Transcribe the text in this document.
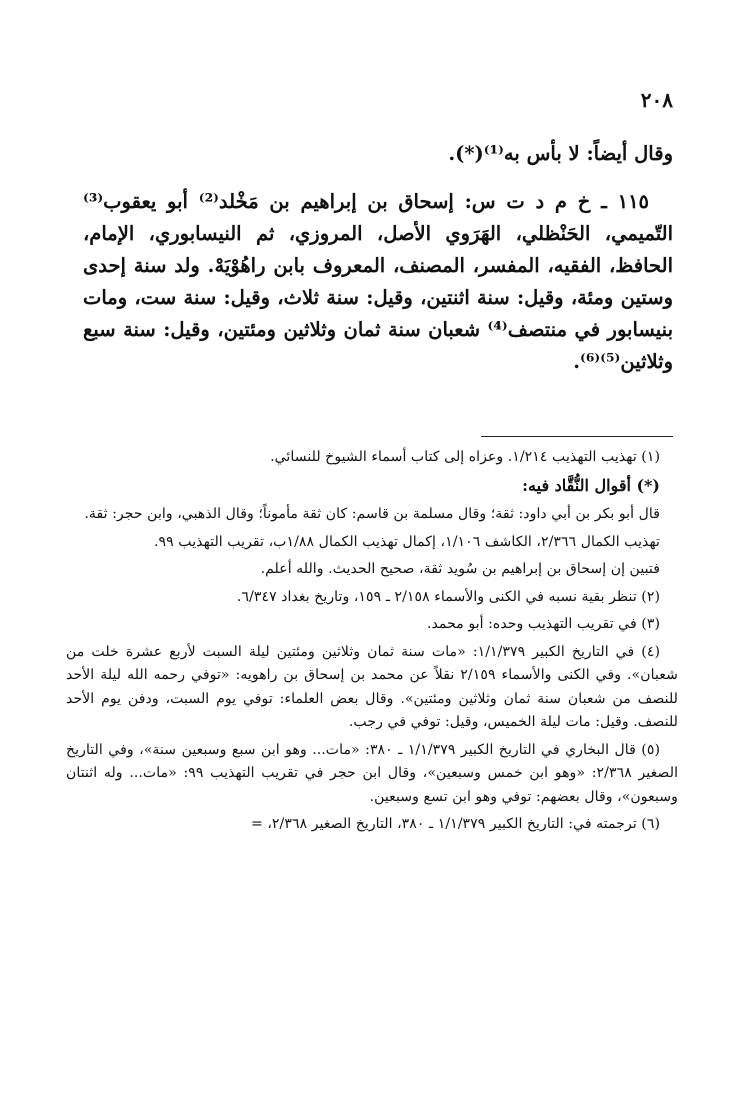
٢٠٨

وقال أيضاً: لا بأس به⁽¹⁾(*).

١١٥ ـ خ م د ت س: إسحاق بن إبراهيم بن مَخْلد⁽²⁾ أبو يعقوب⁽³⁾ التّميمي، الحَنْظلي، الهَرَوي الأصل، المروزي، ثم النيسابوري، الإمام، الحافظ، الفقيه، المفسر، المصنف، المعروف بابن راهُوْيَهْ. ولد سنة إحدى وستين ومئة، وقيل: سنة اثنتين، وقيل: سنة ثلاث، وقيل: سنة ست، ومات بنيسابور في منتصف⁽⁴⁾ شعبان سنة ثمان وثلاثين ومئتين، وقيل: سنة سبع وثلاثين⁽⁵⁾⁽⁶⁾.

(١) تهذيب التهذيب ١/٢١٤. وعزاه إلى كتاب أسماء الشيوخ للنسائي.

(*) أقوال النُّقَّاد فيه:

قال أبو بكر بن أبي داود: ثقة؛ وقال مسلمة بن قاسم: كان ثقة مأموناً؛ وقال الذهبي، وابن حجر: ثقة.

تهذيب الكمال ٢/٣٦٦، الكاشف ١/١٠٦، إكمال تهذيب الكمال ١/٨٨ب، تقريب التهذيب ٩٩.

فتبين إن إسحاق بن إبراهيم بن سُويد ثقة، صحيح الحديث. والله أعلم.

(٢) تنظر بقية نسبه في الكنى والأسماء ٢/١٥٨ ـ ١٥٩، وتاريخ بغداد ٦/٣٤٧.

(٣) في تقريب التهذيب وحده: أبو محمد.

(٤) في التاريخ الكبير ١/١/٣٧٩: «مات سنة ثمان وثلاثين ومئتين ليلة السبت لأربع عشرة خلت من شعبان». وفي الكنى والأسماء ٢/١٥٩ نقلاً عن محمد بن إسحاق بن راهويه: «توفي رحمه الله ليلة الأحد للنصف من شعبان سنة ثمان وثلاثين ومئتين». وقال بعض العلماء: توفي يوم السبت، ودفن يوم الأحد للنصف. وقيل: مات ليلة الخميس، وقيل: توفي في رجب.

(٥) قال البخاري في التاريخ الكبير ١/١/٣٧٩ ـ ٣٨٠: «مات... وهو ابن سبع وسبعين سنة»، وفي التاريخ الصغير ٢/٣٦٨: «وهو ابن خمس وسبعين»، وقال ابن حجر في تقريب التهذيب ٩٩: «مات... وله اثنتان وسبعون»، وقال بعضهم: توفي وهو ابن تسع وسبعين.

(٦) ترجمته في: التاريخ الكبير ١/١/٣٧٩ ـ ٣٨٠، التاريخ الصغير ٢/٣٦٨، =
